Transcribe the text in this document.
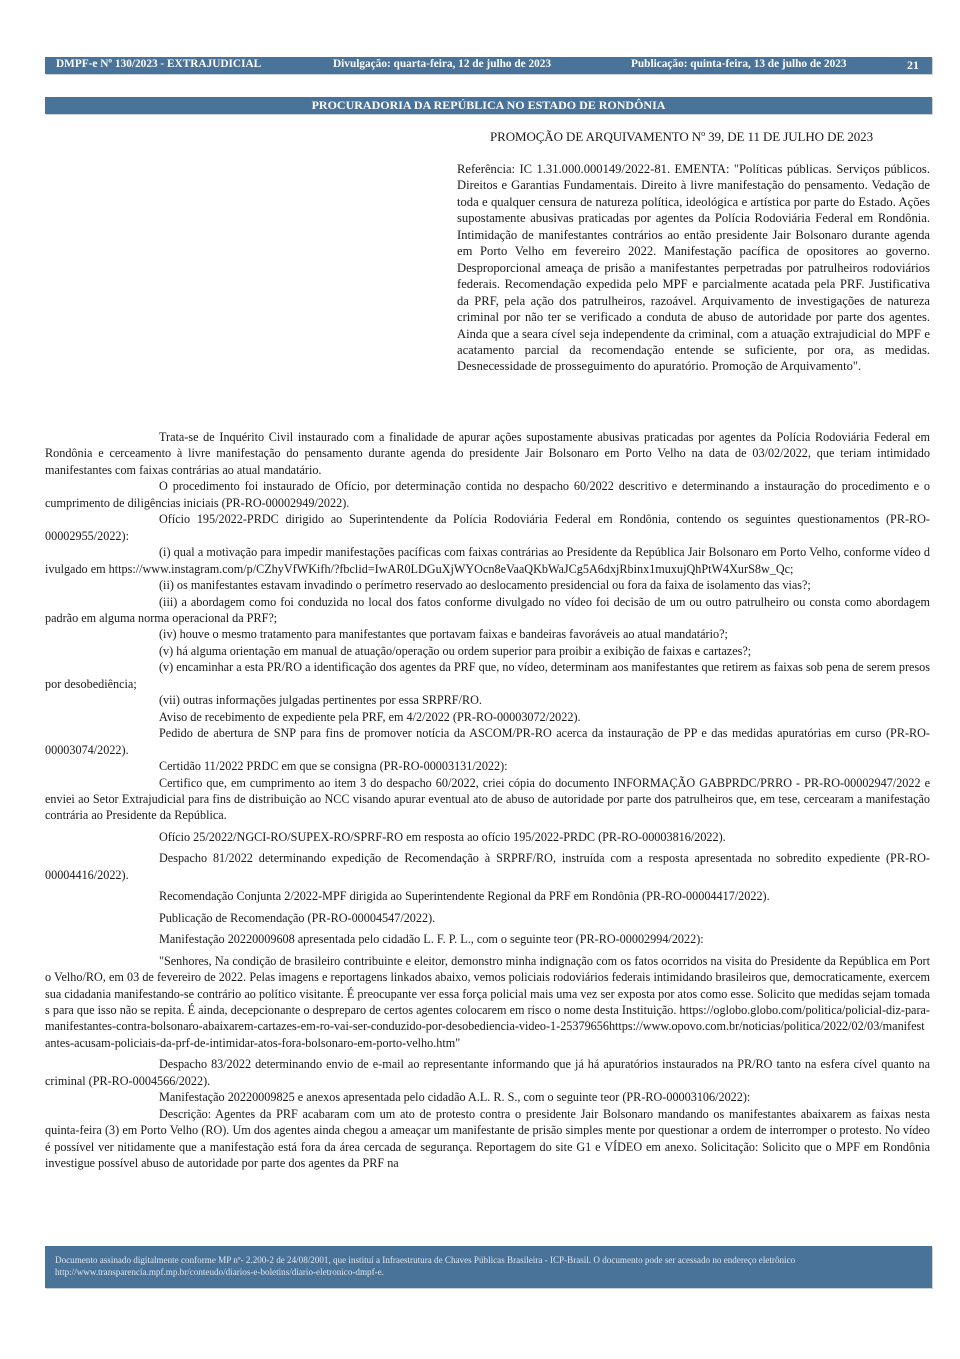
DMPF-e Nº 130/2023 - EXTRAJUDICIAL	Divulgação: quarta-feira, 12 de julho de 2023	Publicação: quinta-feira, 13 de julho de 2023	21
PROCURADORIA DA REPÚBLICA NO ESTADO DE RONDÔNIA
PROMOÇÃO DE ARQUIVAMENTO Nº 39, DE 11 DE JULHO DE 2023
Referência: IC 1.31.000.000149/2022-81. EMENTA: "Políticas públicas. Serviços públicos. Direitos e Garantias Fundamentais. Direito à livre manifestação do pensamento. Vedação de toda e qualquer censura de natureza política, ideológica e artística por parte do Estado. Ações supostamente abusivas praticadas por agentes da Polícia Rodoviária Federal em Rondônia. Intimidação de manifestantes contrários ao então presidente Jair Bolsonaro durante agenda em Porto Velho em fevereiro 2022. Manifestação pacífica de opositores ao governo. Desproporcional ameaça de prisão a manifestantes perpetradas por patrulheiros rodoviários federais. Recomendação expedida pelo MPF e parcialmente acatada pela PRF. Justificativa da PRF, pela ação dos patrulheiros, razoável. Arquivamento de investigações de natureza criminal por não ter se verificado a conduta de abuso de autoridade por parte dos agentes. Ainda que a seara cível seja independente da criminal, com a atuação extrajudicial do MPF e acatamento parcial da recomendação entende se suficiente, por ora, as medidas. Desnecessidade de prosseguimento do apuratório. Promoção de Arquivamento".

Trata-se de Inquérito Civil instaurado com a finalidade de apurar ações supostamente abusivas praticadas por agentes da Polícia Rodoviária Federal em Rondônia e cerceamento à livre manifestação do pensamento durante agenda do presidente Jair Bolsonaro em Porto Velho na data de 03/02/2022, que teriam intimidado manifestantes com faixas contrárias ao atual mandatário.

O procedimento foi instaurado de Ofício, por determinação contida no despacho 60/2022 descritivo e determinando a instauração do procedimento e o cumprimento de diligências iniciais (PR-RO-00002949/2022).

Ofício 195/2022-PRDC dirigido ao Superintendente da Polícia Rodoviária Federal em Rondônia, contendo os seguintes questionamentos (PR-RO-00002955/2022):

(i) qual a motivação para impedir manifestações pacíficas com faixas contrárias ao Presidente da República Jair Bolsonaro em Porto Velho, conforme vídeo divulgado em https://www.instagram.com/p/CZhyVfWKifh/?fbclid=IwAR0LDGuXjWYOcn8eVaaQKbWaJCg5A6dxjRbinx1muxujQhPtW4XurS8w_Qc;

(ii) os manifestantes estavam invadindo o perímetro reservado ao deslocamento presidencial ou fora da faixa de isolamento das vias?;

(iii) a abordagem como foi conduzida no local dos fatos conforme divulgado no vídeo foi decisão de um ou outro patrulheiro ou consta como abordagem padrão em alguma norma operacional da PRF?;

(iv) houve o mesmo tratamento para manifestantes que portavam faixas e bandeiras favoráveis ao atual mandatário?;

(v) há alguma orientação em manual de atuação/operação ou ordem superior para proibir a exibição de faixas e cartazes?;

(v) encaminhar a esta PR/RO a identificação dos agentes da PRF que, no vídeo, determinam aos manifestantes que retirem as faixas sob pena de serem presos por desobediência;

(vii) outras informações julgadas pertinentes por essa SRPRF/RO.

Aviso de recebimento de expediente pela PRF, em 4/2/2022 (PR-RO-00003072/2022).

Pedido de abertura de SNP para fins de promover notícia da ASCOM/PR-RO acerca da instauração de PP e das medidas apuratórias em curso (PR-RO-00003074/2022).

Certidão 11/2022 PRDC em que se consigna (PR-RO-00003131/2022):

Certifico que, em cumprimento ao item 3 do despacho 60/2022, criei cópia do documento INFORMAÇÃO GABPRDC/PRRO - PR-RO-00002947/2022 e enviei ao Setor Extrajudicial para fins de distribuição ao NCC visando apurar eventual ato de abuso de autoridade por parte dos patrulheiros que, em tese, cercearam a manifestação contrária ao Presidente da República.

Ofício 25/2022/NGCI-RO/SUPEX-RO/SPRF-RO em resposta ao ofício 195/2022-PRDC (PR-RO-00003816/2022).

Despacho 81/2022 determinando expedição de Recomendação à SRPRF/RO, instruída com a resposta apresentada no sobredito expediente (PR-RO-00004416/2022).

Recomendação Conjunta 2/2022-MPF dirigida ao Superintendente Regional da PRF em Rondônia (PR-RO-00004417/2022).

Publicação de Recomendação (PR-RO-00004547/2022).

Manifestação 20220009608 apresentada pelo cidadão L. F. P. L., com o seguinte teor (PR-RO-00002994/2022):

"Senhores, Na condição de brasileiro contribuinte e eleitor, demonstro minha indignação com os fatos ocorridos na visita do Presidente da República em Porto Velho/RO, em 03 de fevereiro de 2022. Pelas imagens e reportagens linkados abaixo, vemos policiais rodoviários federais intimidando brasileiros que, democraticamente, exercem sua cidadania manifestando-se contrário ao político visitante. É preocupante ver essa força policial mais uma vez ser exposta por atos como esse. Solicito que medidas sejam tomadas para que isso não se repita. É ainda, decepcionante o despreparo de certos agentes colocarem em risco o nome desta Instituição. https://oglobo.globo.com/politica/policial-diz-para-manifestantes-contra-bolsonaro-abaixarem-cartazes-em-ro-vai-ser-conduzido-por-desobediencia-video-1-25379656https://www.opovo.com.br/noticias/politica/2022/02/03/manifestantes-acusam-policiais-da-prf-de-intimidar-atos-fora-bolsonaro-em-porto-velho.htm"

Despacho 83/2022 determinando envio de e-mail ao representante informando que já há apuratórios instaurados na PR/RO tanto na esfera cível quanto na criminal (PR-RO-0004566/2022).

Manifestação 20220009825 e anexos apresentada pelo cidadão A.L. R. S., com o seguinte teor (PR-RO-00003106/2022):

Descrição: Agentes da PRF acabaram com um ato de protesto contra o presidente Jair Bolsonaro mandando os manifestantes abaixarem as faixas nesta quinta-feira (3) em Porto Velho (RO). Um dos agentes ainda chegou a ameaçar um manifestante de prisão simples mente por questionar a ordem de interromper o protesto. No vídeo é possível ver nitidamente que a manifestação está fora da área cercada de segurança. Reportagem do site G1 e VÍDEO em anexo. Solicitação: Solicito que o MPF em Rondônia investigue possível abuso de autoridade por parte dos agentes da PRF na

Documento assinado digitalmente conforme MP nº- 2.200-2 de 24/08/2001, que instituí a Infraestrutura de Chaves Públicas Brasileira - ICP-Brasil. O documento pode ser acessado no endereço eletrônico http://www.transparencia.mpf.mp.br/conteudo/diarios-e-boletins/diario-eletronico-dmpf-e.
